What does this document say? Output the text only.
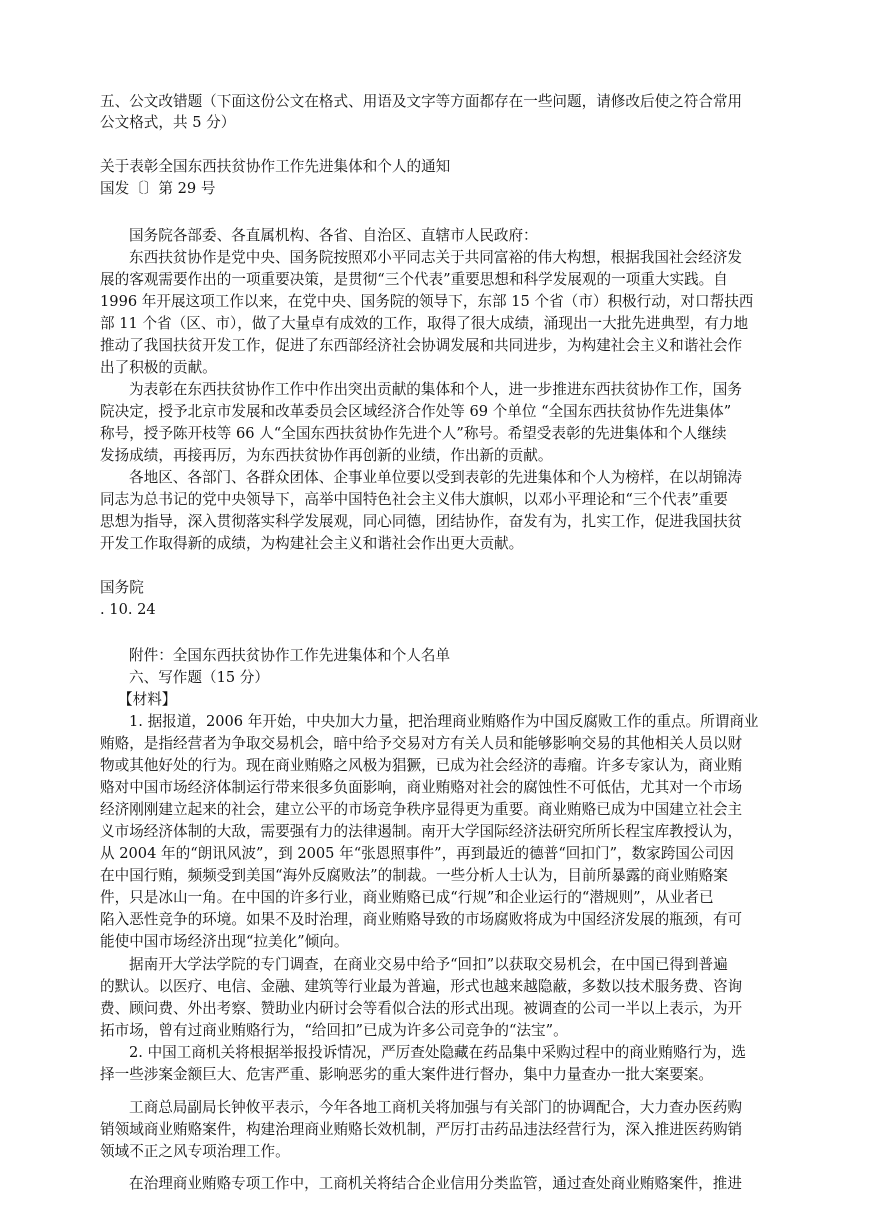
五、公文改错题（下面这份公文在格式、用语及文字等方面都存在一些问题，请修改后使之符合常用
公文格式，共 5 分）
关于表彰全国东西扶贫协作工作先进集体和个人的通知
国发〔〕第 29 号
国务院各部委、各直属机构、各省、自治区、直辖市人民政府：
东西扶贫协作是党中央、国务院按照邓小平同志关于共同富裕的伟大构想，根据我国社会经济发
展的客观需要作出的一项重要决策，是贯彻“三个代表”重要思想和科学发展观的一项重大实践。自
1996 年开展这项工作以来，在党中央、国务院的领导下，东部 15 个省（市）积极行动，对口帮扶西
部 11 个省（区、市），做了大量卓有成效的工作，取得了很大成绩，涌现出一大批先进典型，有力地
推动了我国扶贫开发工作，促进了东西部经济社会协调发展和共同进步，为构建社会主义和谐社会作
出了积极的贡献。
为表彰在东西扶贫协作工作中作出突出贡献的集体和个人，进一步推进东西扶贫协作工作，国务
院决定，授予北京市发展和改革委员会区域经济合作处等 69 个单位 “全国东西扶贫协作先进集体”
称号，授予陈开枝等 66 人“全国东西扶贫协作先进个人”称号。希望受表彰的先进集体和个人继续
发扬成绩，再接再厉，为东西扶贫协作再创新的业绩，作出新的贡献。
各地区、各部门、各群众团体、企事业单位要以受到表彰的先进集体和个人为榜样，在以胡锦涛
同志为总书记的党中央领导下，高举中国特色社会主义伟大旗帜，以邓小平理论和“三个代表”重要
思想为指导，深入贯彻落实科学发展观，同心同德，团结协作，奋发有为，扎实工作，促进我国扶贫
开发工作取得新的成绩，为构建社会主义和谐社会作出更大贡献。
国务院
. 10. 24
附件：全国东西扶贫协作工作先进集体和个人名单
六、写作题（15 分）
【材料】
1. 据报道，2006 年开始，中央加大力量，把治理商业贿赂作为中国反腐败工作的重点。所谓商业
贿赂，是指经营者为争取交易机会，暗中给予交易对方有关人员和能够影响交易的其他相关人员以财
物或其他好处的行为。现在商业贿赂之风极为猖獗，已成为社会经济的毒瘤。许多专家认为，商业贿
赂对中国市场经济体制运行带来很多负面影响，商业贿赂对社会的腐蚀性不可低估，尤其对一个市场
经济刚刚建立起来的社会，建立公平的市场竞争秩序显得更为重要。商业贿赂已成为中国建立社会主
义市场经济体制的大敌，需要强有力的法律遏制。南开大学国际经济法研究所所长程宝库教授认为，
从 2004 年的“朗讯风波”，到 2005 年“张恩照事件”，再到最近的德普“回扣门”，数家跨国公司因
在中国行贿，频频受到美国“海外反腐败法”的制裁。一些分析人士认为，目前所暴露的商业贿赂案
件，只是冰山一角。在中国的许多行业，商业贿赂已成“行规”和企业运行的“潜规则”，从业者已
陷入恶性竞争的环境。如果不及时治理，商业贿赂导致的市场腐败将成为中国经济发展的瓶颈，有可
能使中国市场经济出现“拉美化”倾向。
据南开大学法学院的专门调查，在商业交易中给予“回扣”以获取交易机会，在中国已得到普遍
的默认。以医疗、电信、金融、建筑等行业最为普遍，形式也越来越隐蔽，多数以技术服务费、咨询
费、顾问费、外出考察、赞助业内研讨会等看似合法的形式出现。被调查的公司一半以上表示，为开
拓市场，曾有过商业贿赂行为，“给回扣”已成为许多公司竞争的“法宝”。
2. 中国工商机关将根据举报投诉情况，严厉查处隐藏在药品集中采购过程中的商业贿赂行为，选
择一些涉案金额巨大、危害严重、影响恶劣的重大案件进行督办，集中力量查办一批大案要案。
工商总局副局长钟攸平表示，今年各地工商机关将加强与有关部门的协调配合，大力查办医药购
销领域商业贿赂案件，构建治理商业贿赂长效机制，严厉打击药品违法经营行为，深入推进医药购销
领域不正之风专项治理工作。
在治理商业贿赂专项工作中，工商机关将结合企业信用分类监管，通过查处商业贿赂案件，推进
